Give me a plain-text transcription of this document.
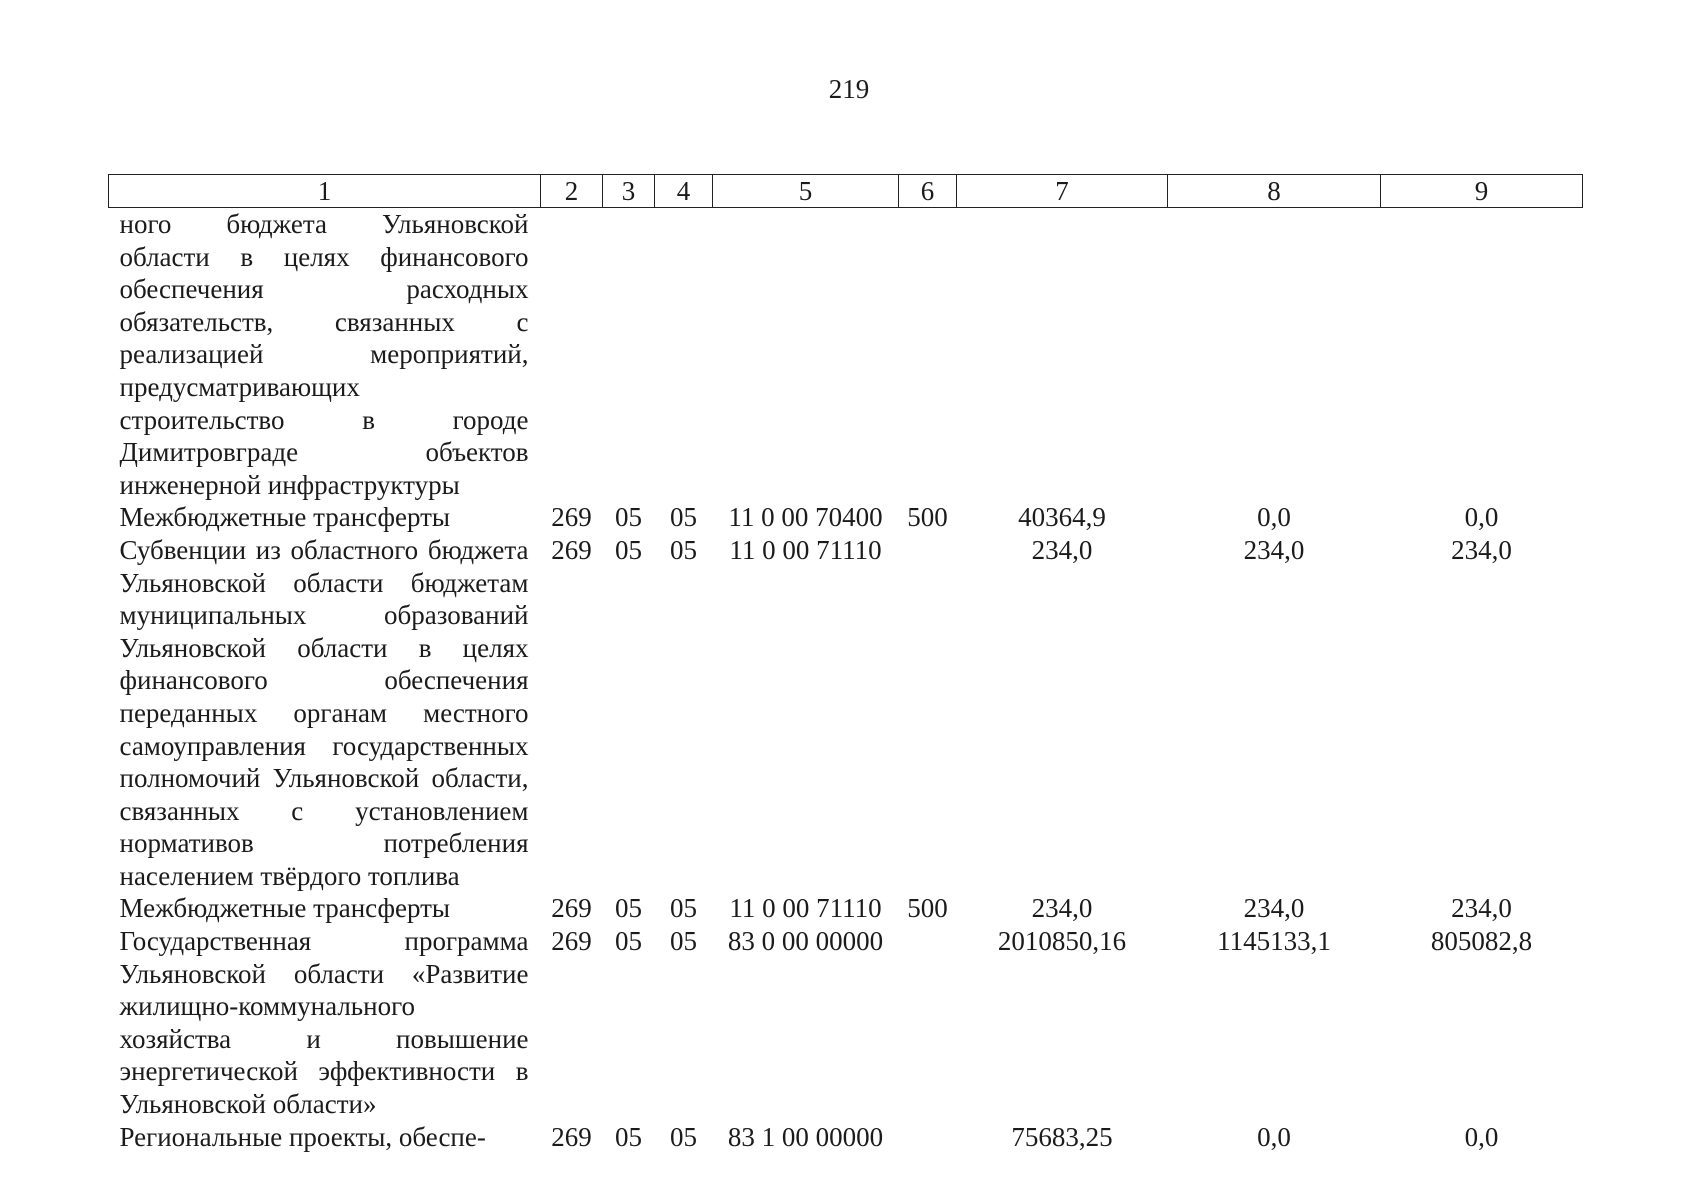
219
1	2	3	4	5	6	7	8	9
ного бюджета Ульяновской области в целях финансового обеспечения расходных обязательств, связанных с реализацией мероприятий, предусматривающих строительство в городе Димитровграде объектов инженерной инфраструктуры								
Межбюджетные трансферты	269	05	05	11 0 00 70400	500	40364,9	0,0	0,0
Субвенции из областного бюджета Ульяновской области бюджетам муниципальных образований Ульяновской области в целях финансового обеспечения переданных органам местного самоуправления государственных полномочий Ульяновской области, связанных с установлением нормативов потребления населением твёрдого топлива	269	05	05	11 0 00 71110		234,0	234,0	234,0
Межбюджетные трансферты	269	05	05	11 0 00 71110	500	234,0	234,0	234,0
Государственная программа Ульяновской области «Развитие жилищно-коммунального хозяйства и повышение энергетической эффективности в Ульяновской области»	269	05	05	83 0 00 00000		2010850,16	1145133,1	805082,8
Региональные проекты, обеспе-	269	05	05	83 1 00 00000		75683,25	0,0	0,0
